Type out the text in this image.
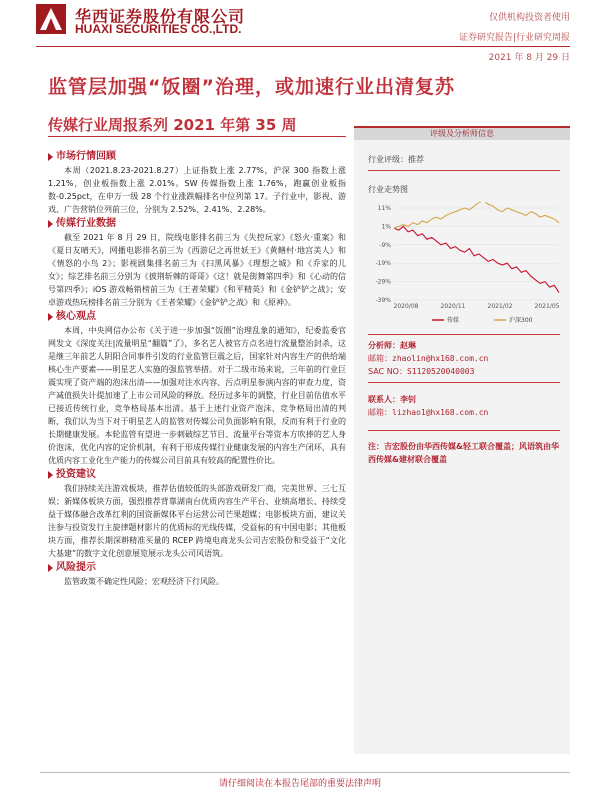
华西证券股份有限公司
HUAXI SECURITIES CO.,LTD.
仅供机构投资者使用
证券研究报告|行业研究周报
2021 年 8 月 29 日
监管层加强“饭圈”治理，或加速行业出清复苏
传媒行业周报系列 2021 年第 35 周
市场行情回顾

本周（2021.8.23-2021.8.27）上证指数上涨 2.77%，沪深 300 指数上涨 1.21%，创业板指数上涨 2.01%。SW 传媒指数上涨 1.76%，跑赢创业板指数-0.25pct，在申万一级 28 个行业涨跌幅排名中位列第 17。子行业中，影视、游戏、广告营销位列前三位，分别为 2.52%、2.41%、2.28%。

传媒行业数据

截至 2021 年 8 月 29 日，院线电影排名前三为《失控玩家》《怒火·重案》和《夏日友晴天》，网播电影排名前三为《西游记之再世妖王》《黄鳝村·地宫美人》和《情怒的小鸟 2》；影视剧集排名前三为《扫黑风暴》《理想之城》和《乔家的儿女》；综艺排名前三分别为《披荆斩棘的哥哥》《这！就是街舞第四季》和《心动的信号第四季》；iOS 游戏畅销榜前三为《王者荣耀》《和平精英》和《金铲铲之战》；安卓游戏热玩榜排名前三分别为《王者荣耀》《金铲铲之战》和《原神》。

核心观点

本周，中央网信办公布《关于进一步加强“饭圈”治理乱象的通知》，纪委监委官网发文《深度关注|流量明星“翻篇”了》，多名艺人被官方点名进行流量整治封杀，这是继三年前艺人阴阳合同事件引发的行业监管巨震之后，国家针对内容生产的供给端核心生产要素——明星艺人实施的强监管举措。对于二级市场来说，三年前的行业巨震实现了资产端的泡沫出清——加强对注水内容、污点明星参演内容的审查力度，资产减值损失计提加速了上市公司风险的释放。经历过多年的调整，行业目前估值水平已接近传统行业，竞争格局基本出清。基于上述行业资产泡沫、竞争格局出清的判断，我们认为当下对于明星艺人的监管对传媒公司负面影响有限，反而有利于行业的长期健康发展。本轮监管有望进一步刺破综艺节目、流量平台等资本方吹捧的艺人身价泡沫，优化内容的定价机制，有利于形成传媒行业健康发展的内容生产闭环，具有优质内容工业化生产能力的传媒公司目前具有较高的配置性价比。

投资建议

我们持续关注游戏板块，推荐估值较低的头部游戏研发厂商，完美世界、三七互娱；新媒体板块方面，强烈推荐背靠湖南台优质内容生产平台、业绩高增长、持续受益于媒体融合改革红利的国资新媒体平台运营公司芒果超媒；电影板块方面，建议关注参与投资发行主旋律题材影片的优质标的光线传媒，受益标的有中国电影；其他板块方面，推荐长期深耕精准买量的 RCEP 跨境电商龙头公司吉宏股份和受益于“文化大基建”的数字文化创意展览展示龙头公司风语筑。

风险提示

监管政策不确定性风险；宏观经济下行风险。

评级及分析师信息
行业评级：推荐
行业走势图
11%
1%
-9%
-19%
-29%
-39%
2020/08	2020/11	2021/02	2021/05
传媒	沪深300
分析师：赵琳
邮箱：zhaolin@hx168.com.cn
SAC NO：S1120520040003
联系人：李钊
邮箱：lizhao1@hx168.com.cn
注：吉宏股份由华西传媒&轻工联合覆盖；风语筑由华西传媒&建材联合覆盖
请仔细阅读在本报告尾部的重要法律声明
